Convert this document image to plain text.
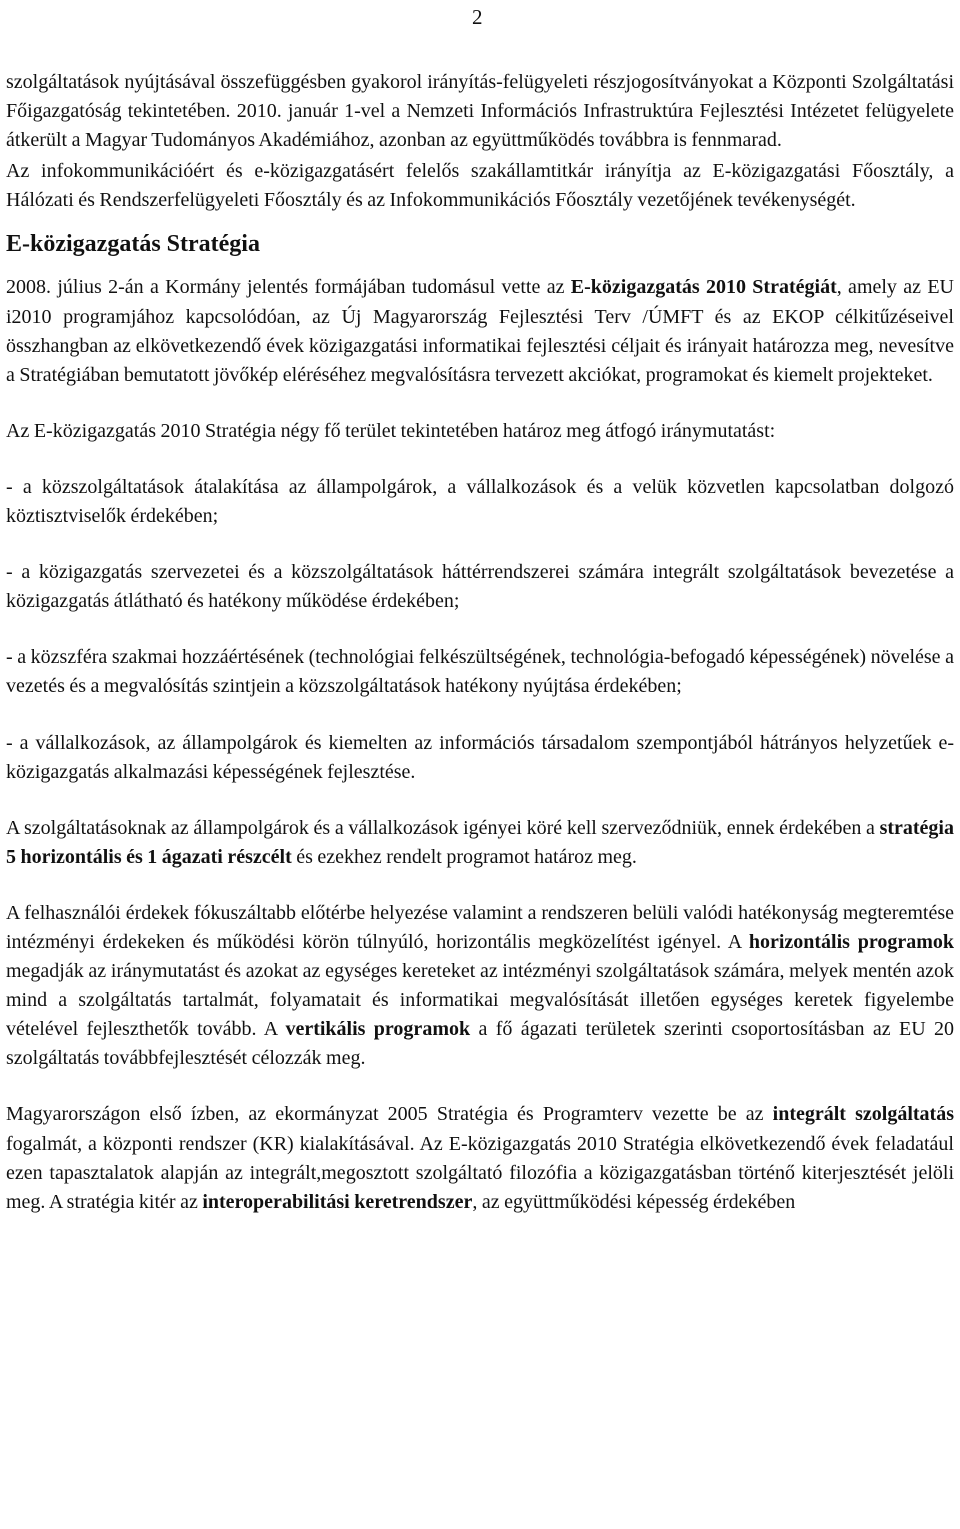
2

szolgáltatások nyújtásával összefüggésben gyakorol irányítás-felügyeleti részjogosítványokat a Központi Szolgáltatási Főigazgatóság tekintetében. 2010. január 1-vel a Nemzeti Információs Infrastruktúra Fejlesztési Intézetet felügyelete átkerült a Magyar Tudományos Akadémiához, azonban az együttműködés továbbra is fennmarad.

Az infokommunikációért és e-közigazgatásért felelős szakállamtitkár irányítja az E-közigazgatási Főosztály, a Hálózati és Rendszerfelügyeleti Főosztály és az Infokommunikációs Főosztály vezetőjének tevékenységét.

E-közigazgatás Stratégia

2008. július 2-án a Kormány jelentés formájában tudomásul vette az E-közigazgatás 2010 Stratégiát, amely az EU i2010 programjához kapcsolódóan, az Új Magyarország Fejlesztési Terv /ÚMFT és az EKOP célkitűzéseivel összhangban az elkövetkezendő évek közigazgatási informatikai fejlesztési céljait és irányait határozza meg, nevesítve a Stratégiában bemutatott jövőkép eléréséhez megvalósításra tervezett akciókat, programokat és kiemelt projekteket.

Az E-közigazgatás 2010 Stratégia négy fő terület tekintetében határoz meg átfogó iránymutatást:

- a közszolgáltatások átalakítása az állampolgárok, a vállalkozások és a velük közvetlen kapcsolatban dolgozó köztisztviselők érdekében;

- a közigazgatás szervezetei és a közszolgáltatások háttérrendszerei számára integrált szolgáltatások bevezetése a közigazgatás átlátható és hatékony működése érdekében;

- a közszféra szakmai hozzáértésének (technológiai felkészültségének, technológia-befogadó képességének) növelése a vezetés és a megvalósítás szintjein a közszolgáltatások hatékony nyújtása érdekében;

- a vállalkozások, az állampolgárok és kiemelten az információs társadalom szempontjából hátrányos helyzetűek e-közigazgatás alkalmazási képességének fejlesztése.

A szolgáltatásoknak az állampolgárok és a vállalkozások igényei köré kell szerveződniük, ennek érdekében a stratégia 5 horizontális és 1 ágazati részcélt és ezekhez rendelt programot határoz meg.

A felhasználói érdekek fókuszáltabb előtérbe helyezése valamint a rendszeren belüli valódi hatékonyság megteremtése intézményi érdekeken és működési körön túlnyúló, horizontális megközelítést igényel. A horizontális programok megadják az iránymutatást és azokat az egységes kereteket az intézményi szolgáltatások számára, melyek mentén azok mind a szolgáltatás tartalmát, folyamatait és informatikai megvalósítását illetően egységes keretek figyelembe vételével fejleszthetők tovább. A vertikális programok a fő ágazati területek szerinti csoportosításban az EU 20 szolgáltatás továbbfejlesztését célozzák meg.

Magyarországon első ízben, az ekormányzat 2005 Stratégia és Programterv vezette be az integrált szolgáltatás fogalmát, a központi rendszer (KR) kialakításával. Az E-közigazgatás 2010 Stratégia elkövetkezendő évek feladatául ezen tapasztalatok alapján az integrált,megosztott szolgáltató filozófia a közigazgatásban történő kiterjesztését jelöli meg. A stratégia kitér az interoperabilitási keretrendszer, az együttműködési képesség érdekében
